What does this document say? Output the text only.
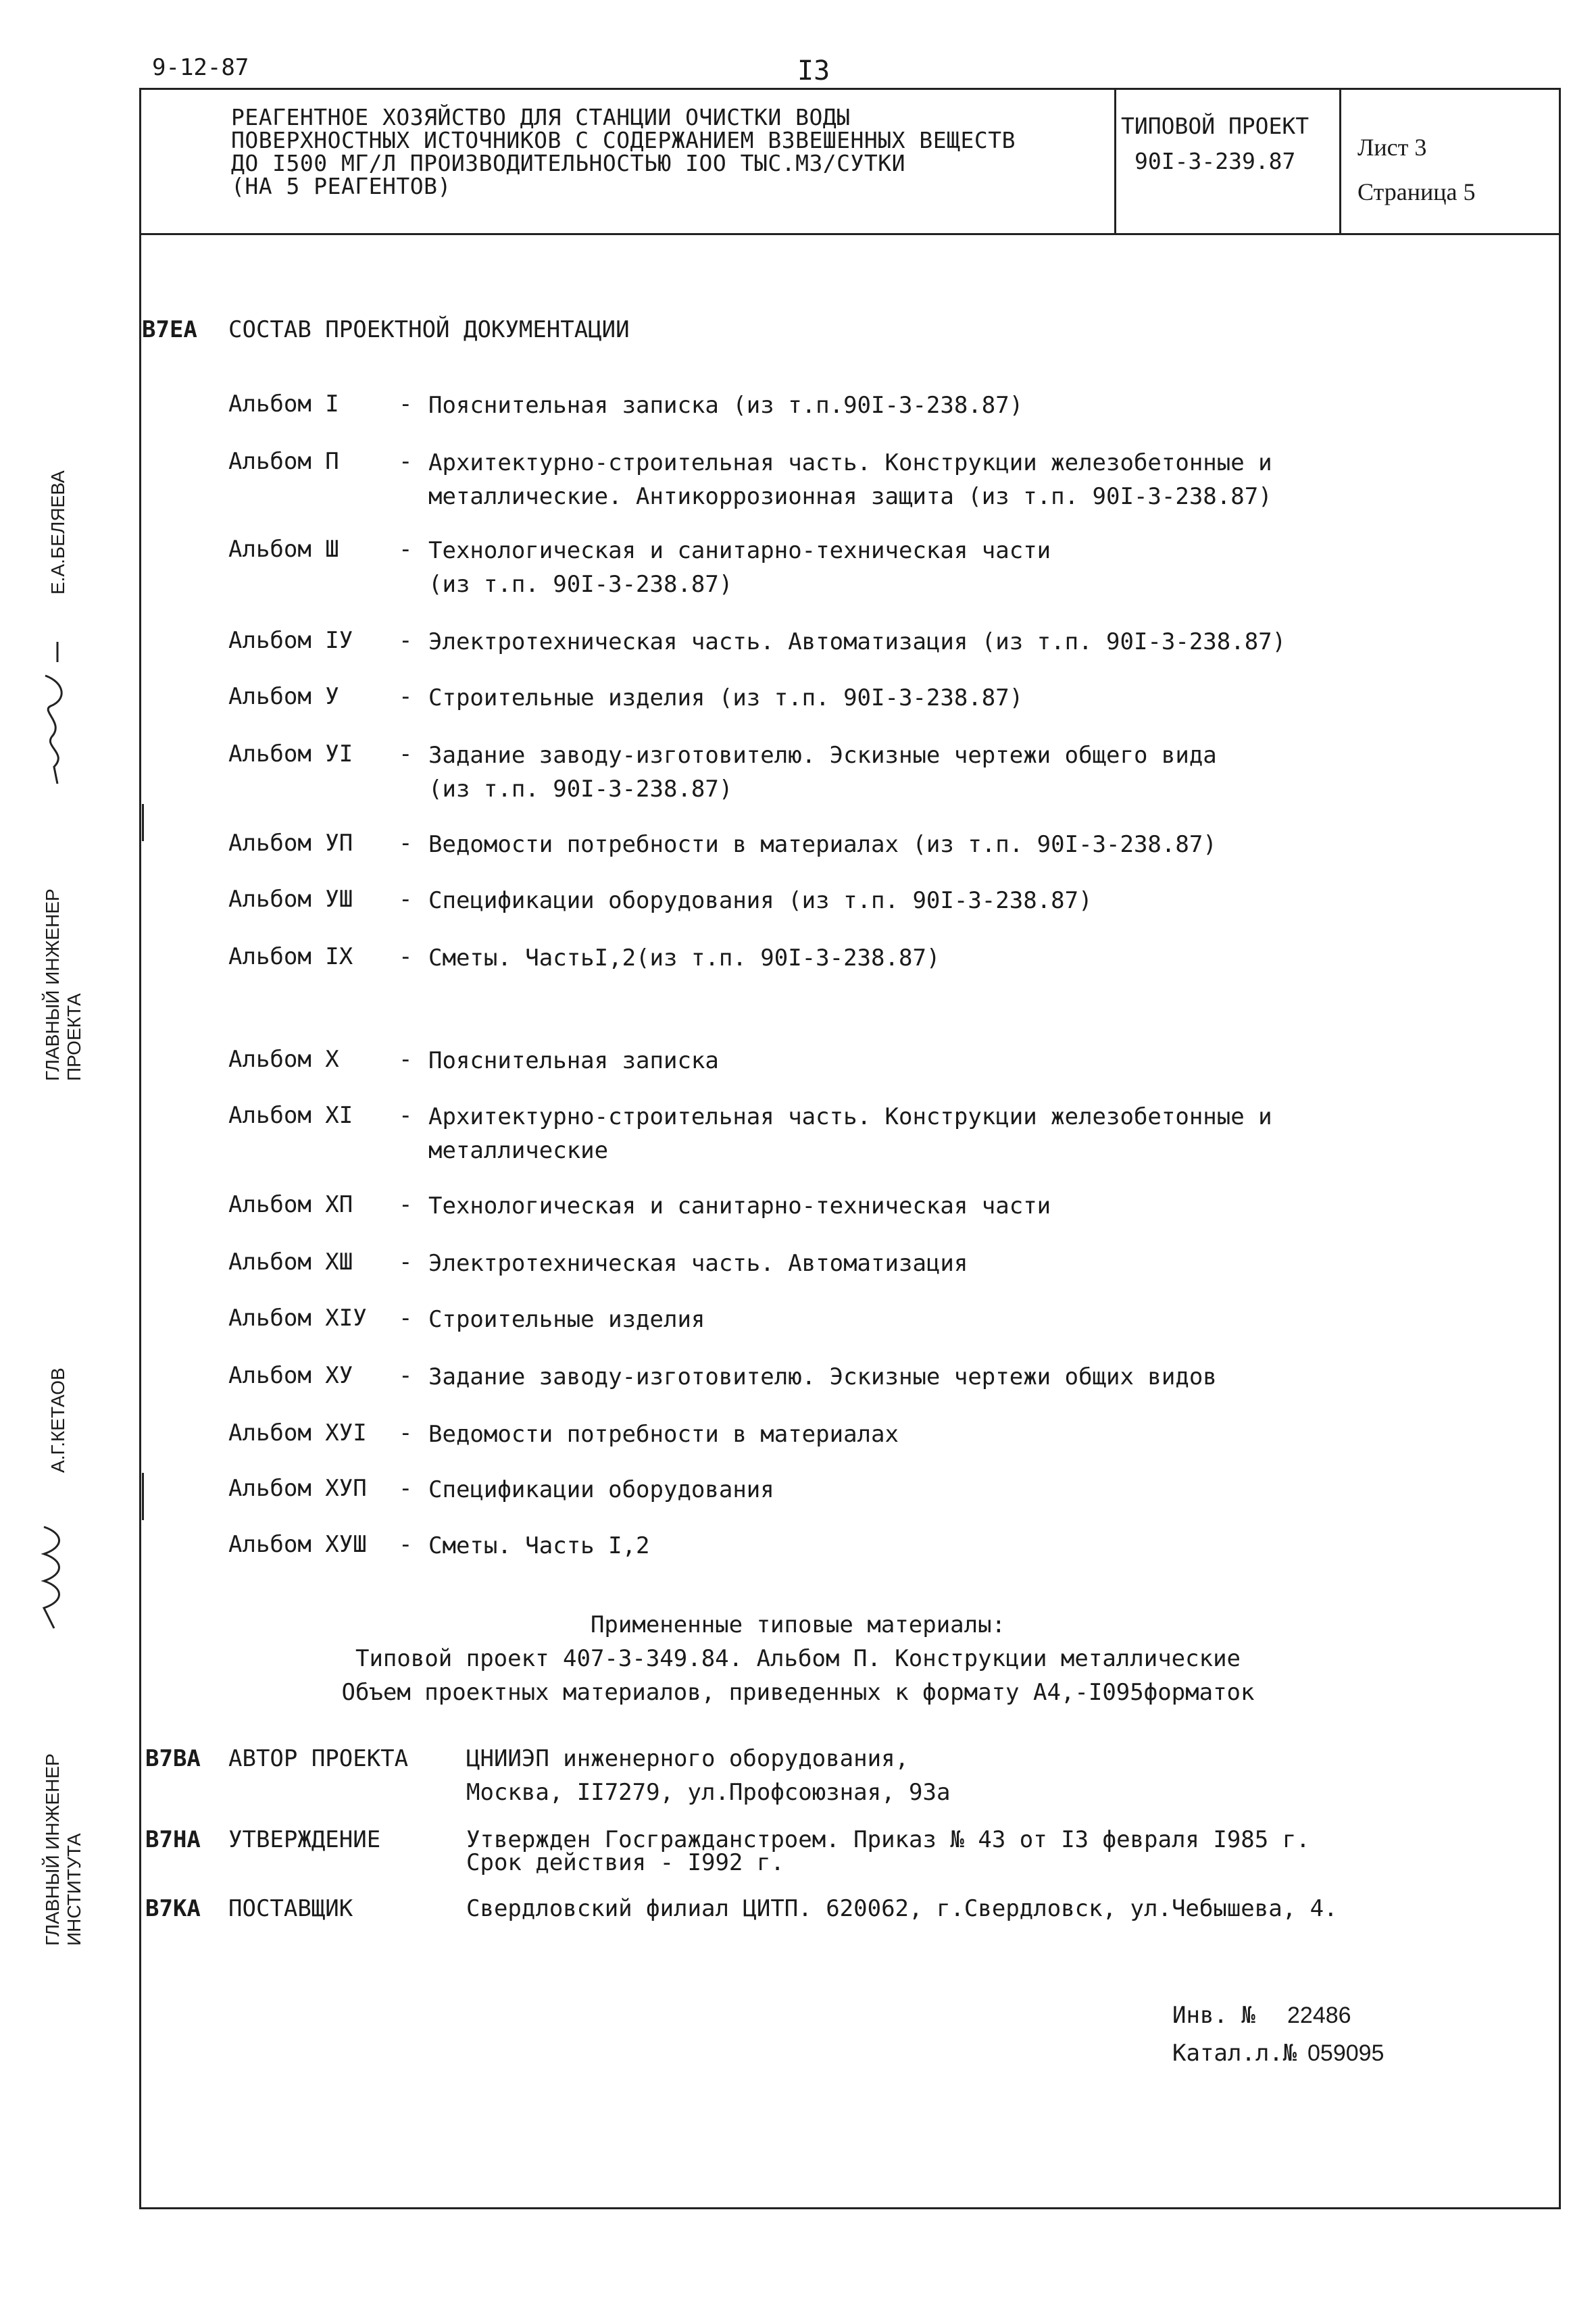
9-12-87	I3
Е.А.БЕЛЯЕВА
ГЛАВНЫЙ ИНЖЕНЕР ПРОЕКТА
А.Г.КЕТАОВ
ГЛАВНЫЙ ИНЖЕНЕР ИНСТИТУТА
РЕАГЕНТНОЕ ХОЗЯЙСТВО ДЛЯ СТАНЦИИ ОЧИСТКИ ВОДЫ
ПОВЕРХНОСТНЫХ ИСТОЧНИКОВ С СОДЕРЖАНИЕМ ВЗВЕШЕННЫХ ВЕЩЕСТВ
ДО I500 МГ/Л ПРОИЗВОДИТЕЛЬНОСТЬЮ IOO ТЫС.М3/СУТКИ
(НА 5 РЕАГЕНТОВ)
ТИПОВОЙ ПРОЕКТ
90I-3-239.87
Лист 3
Страница 5
В7ЕА СОСТАВ ПРОЕКТНОЙ ДОКУМЕНТАЦИИ
Альбом I	- Пояснительная записка (из т.п.90I-3-238.87)
Альбом П	- Архитектурно-строительная часть. Конструкции железобетонные и
металлические. Антикоррозионная защита (из т.п. 90I-3-238.87)
Альбом Ш	- Технологическая и санитарно-техническая части
(из т.п. 90I-3-238.87)
Альбом IУ - Электротехническая часть. Автоматизация (из т.п. 90I-3-238.87)
Альбом У	- Строительные изделия (из т.п. 90I-3-238.87)
Альбом УI - Задание заводу-изготовителю. Эскизные чертежи общего вида
(из т.п. 90I-3-238.87)
Альбом УП - Ведомости потребности в материалах (из т.п. 90I-3-238.87)
Альбом УШ - Спецификации оборудования (из т.п. 90I-3-238.87)
Альбом IX - Сметы. ЧастьI,2(из т.п. 90I-3-238.87)
Альбом X	- Пояснительная записка
Альбом XI - Архитектурно-строительная часть. Конструкции железобетонные и
металлические
Альбом XП - Технологическая и санитарно-техническая части
Альбом XШ - Электротехническая часть. Автоматизация
Альбом XIУ - Строительные изделия
Альбом XУ - Задание заводу-изготовителю. Эскизные чертежи общих видов
Альбом XУI - Ведомости потребности в материалах
Альбом XУП - Спецификации оборудования
Альбом XУШ - Сметы. Часть I,2
Примененные типовые материалы:
Типовой проект 407-3-349.84. Альбом П. Конструкции металлические
Объем проектных материалов, приведенных к формату А4,-I095форматок
В7ВА АВТОР ПРОЕКТА	ЦНИИЭП инженерного оборудования,
Москва, II7279, ул.Профсоюзная, 93а
В7НА УТВЕРЖДЕНИЕ	Утвержден Госгражданстроем. Приказ № 43 от I3 февраля I985 г.
Срок действия - I992 г.
В7КА ПОСТАВЩИК	Свердловский филиал ЦИТП. 620062, г.Свердловск, ул.Чебышева, 4.
Инв. № 22486
Катал.л.№ 059095
